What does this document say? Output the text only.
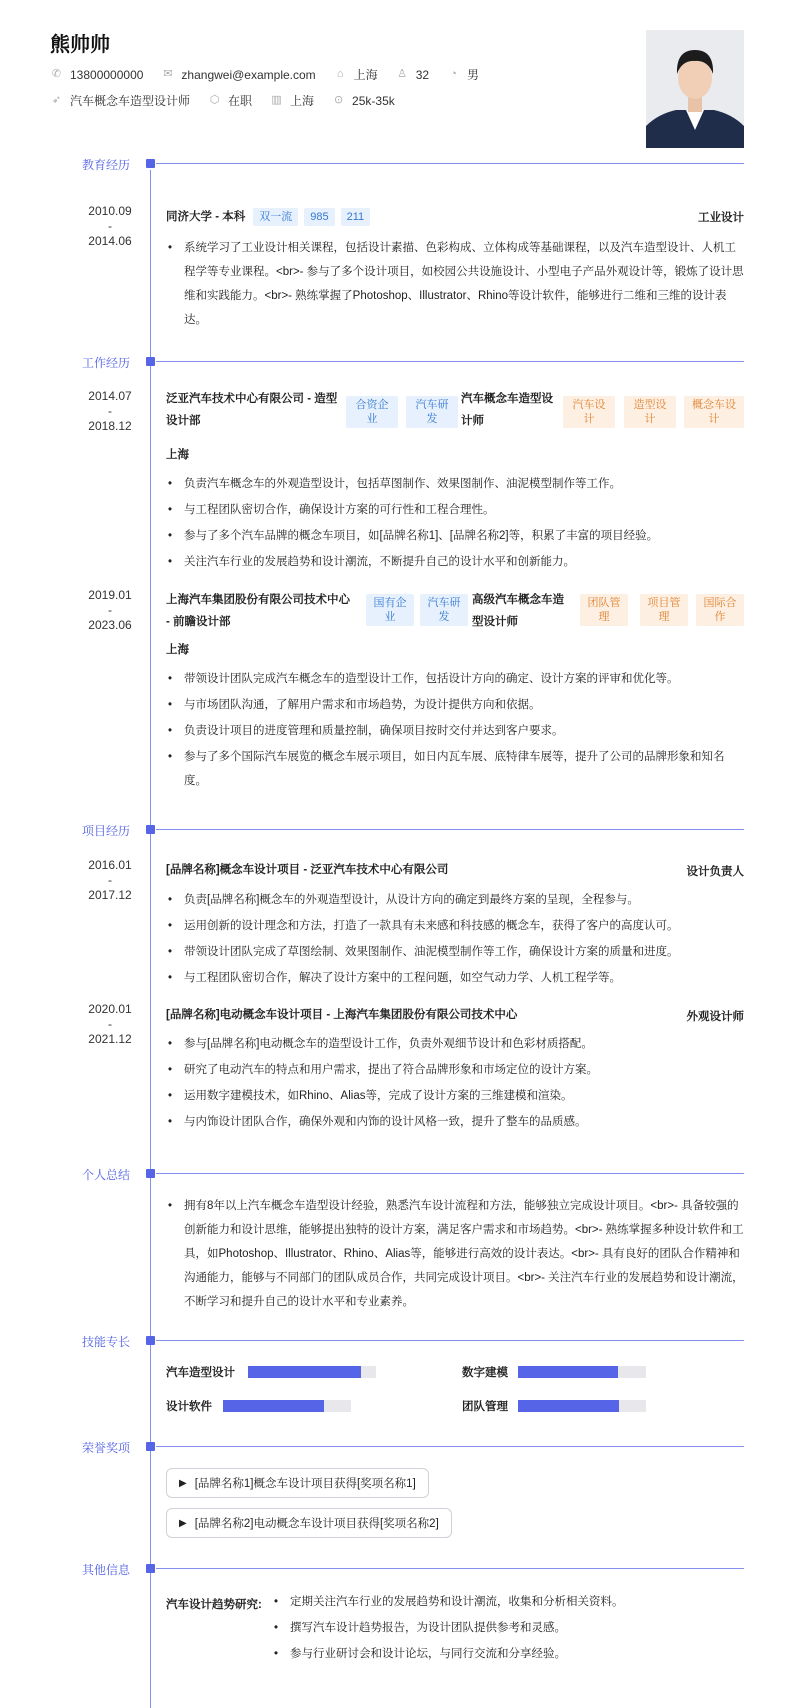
熊帅帅
✆ 13800000000 ✉ zhangwei@example.com ⌂ 上海 ♙ 32 ◔ 男
➶ 汽车概念车造型设计师 ⬡ 在职 ▥ 上海 ⊙ 25k-35k
教育经历
2010.09
-
2014.06
同济大学 - 本科	双一流	985	211	工业设计
• 系统学习了工业设计相关课程，包括设计素描、色彩构成、立体构成等基础课程，以及汽车造型设计、人机工程学等专业课程。<br>- 参与了多个设计项目，如校园公共设施设计、小型电子产品外观设计等，锻炼了设计思维和实践能力。<br>- 熟练掌握了Photoshop、Illustrator、Rhino等设计软件，能够进行二维和三维的设计表达。
工作经历
2014.07
-
2018.12
泛亚汽车技术中心有限公司 - 造型设计部
合资企业
汽车研发
汽车概念车造型设计师
汽车设计
造型设计
概念车设计
上海
• 负责汽车概念车的外观造型设计，包括草图制作、效果图制作、油泥模型制作等工作。
• 与工程团队密切合作，确保设计方案的可行性和工程合理性。
• 参与了多个汽车品牌的概念车项目，如[品牌名称1]、[品牌名称2]等，积累了丰富的项目经验。
• 关注汽车行业的发展趋势和设计潮流，不断提升自己的设计水平和创新能力。
2019.01
-
2023.06
上海汽车集团股份有限公司技术中心 - 前瞻设计部
国有企业
汽车研发
高级汽车概念车造型设计师
团队管理
项目管理
国际合作
上海
• 带领设计团队完成汽车概念车的造型设计工作，包括设计方向的确定、设计方案的评审和优化等。
• 与市场团队沟通，了解用户需求和市场趋势，为设计提供方向和依据。
• 负责设计项目的进度管理和质量控制，确保项目按时交付并达到客户要求。
• 参与了多个国际汽车展览的概念车展示项目，如日内瓦车展、底特律车展等，提升了公司的品牌形象和知名度。
项目经历
2016.01
-
2017.12
[品牌名称]概念车设计项目 - 泛亚汽车技术中心有限公司	设计负责人
• 负责[品牌名称]概念车的外观造型设计，从设计方向的确定到最终方案的呈现，全程参与。
• 运用创新的设计理念和方法，打造了一款具有未来感和科技感的概念车，获得了客户的高度认可。
• 带领设计团队完成了草图绘制、效果图制作、油泥模型制作等工作，确保设计方案的质量和进度。
• 与工程团队密切合作，解决了设计方案中的工程问题，如空气动力学、人机工程学等。
2020.01
-
2021.12
[品牌名称]电动概念车设计项目 - 上海汽车集团股份有限公司技术中心	外观设计师
• 参与[品牌名称]电动概念车的造型设计工作，负责外观细节设计和色彩材质搭配。
• 研究了电动汽车的特点和用户需求，提出了符合品牌形象和市场定位的设计方案。
• 运用数字建模技术，如Rhino、Alias等，完成了设计方案的三维建模和渲染。
• 与内饰设计团队合作，确保外观和内饰的设计风格一致，提升了整车的品质感。
个人总结
• 拥有8年以上汽车概念车造型设计经验，熟悉汽车设计流程和方法，能够独立完成设计项目。<br>- 具备较强的创新能力和设计思维，能够提出独特的设计方案，满足客户需求和市场趋势。<br>- 熟练掌握多种设计软件和工具，如Photoshop、Illustrator、Rhino、Alias等，能够进行高效的设计表达。<br>- 具有良好的团队合作精神和沟通能力，能够与不同部门的团队成员合作，共同完成设计项目。<br>- 关注汽车行业的发展趋势和设计潮流，不断学习和提升自己的设计水平和专业素养。
技能专长
汽车造型设计	数字建模
设计软件	团队管理
荣誉奖项
▶ [品牌名称1]概念车设计项目获得[奖项名称1]
▶ [品牌名称2]电动概念车设计项目获得[奖项名称2]
其他信息
汽车设计趋势研究:
•	定期关注汽车行业的发展趋势和设计潮流，收集和分析相关资料。
• 撰写汽车设计趋势报告，为设计团队提供参考和灵感。
• 参与行业研讨会和设计论坛，与同行交流和分享经验。
